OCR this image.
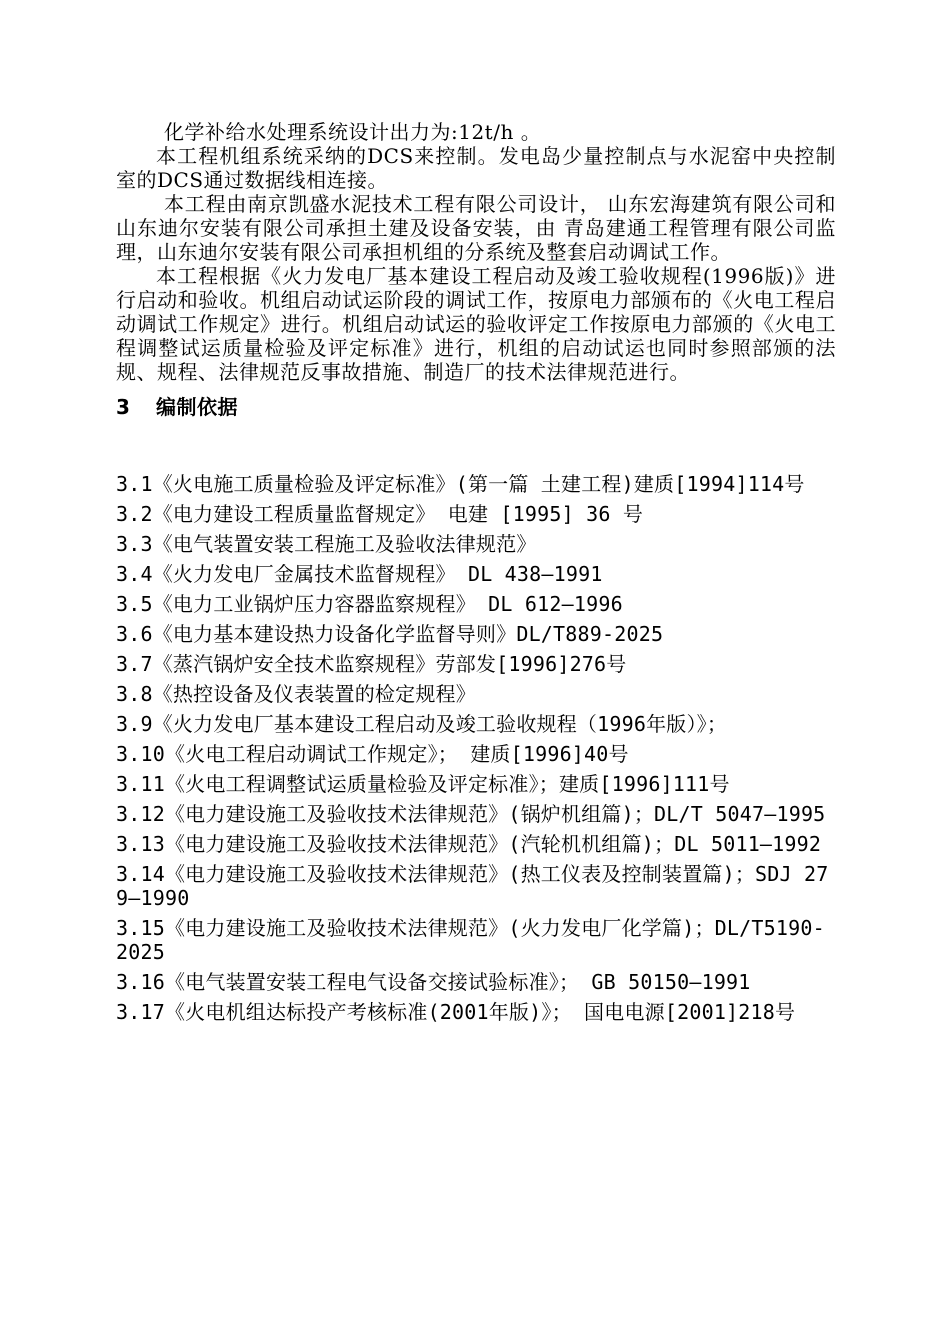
化学补给水处理系统设计出力为:12t/h 。

本工程机组系统采纳的DCS来控制。发电岛少量控制点与水泥窑中央控制室的DCS通过数据线相连接。

本工程由南京凯盛水泥技术工程有限公司设计， 山东宏海建筑有限公司和山东迪尔安装有限公司承担土建及设备安装，由 青岛建通工程管理有限公司监理，山东迪尔安装有限公司承担机组的分系统及整套启动调试工作。

本工程根据《火力发电厂基本建设工程启动及竣工验收规程(1996版)》进行启动和验收。机组启动试运阶段的调试工作，按原电力部颁布的《火电工程启动调试工作规定》进行。机组启动试运的验收评定工作按原电力部颁的《火电工程调整试运质量检验及评定标准》进行，机组的启动试运也同时参照部颁的法规、规程、法律规范反事故措施、制造厂的技术法律规范进行。

3 编制依据
3.1《火电施工质量检验及评定标准》(第一篇 土建工程)建质[1994]114号
3.2《电力建设工程质量监督规定》 电建 [1995] 36 号
3.3《电气装置安装工程施工及验收法律规范》
3.4《火力发电厂金属技术监督规程》 DL 438—1991
3.5《电力工业锅炉压力容器监察规程》 DL 612—1996
3.6《电力基本建设热力设备化学监督导则》DL/T889-2025
3.7《蒸汽锅炉安全技术监察规程》劳部发[1996]276号
3.8《热控设备及仪表装置的检定规程》
3.9《火力发电厂基本建设工程启动及竣工验收规程（1996年版）》；
3.10《火电工程启动调试工作规定》； 建质[1996]40号
3.11《火电工程调整试运质量检验及评定标准》；建质[1996]111号
3.12《电力建设施工及验收技术法律规范》(锅炉机组篇)；DL/T 5047—1995
3.13《电力建设施工及验收技术法律规范》(汽轮机机组篇)；DL 5011—1992
3.14《电力建设施工及验收技术法律规范》(热工仪表及控制装置篇)；SDJ 279—1990
3.15《电力建设施工及验收技术法律规范》(火力发电厂化学篇)；DL/T5190-2025
3.16《电气装置安装工程电气设备交接试验标准》； GB 50150—1991
3.17《火电机组达标投产考核标准(2001年版)》； 国电电源[2001]218号
